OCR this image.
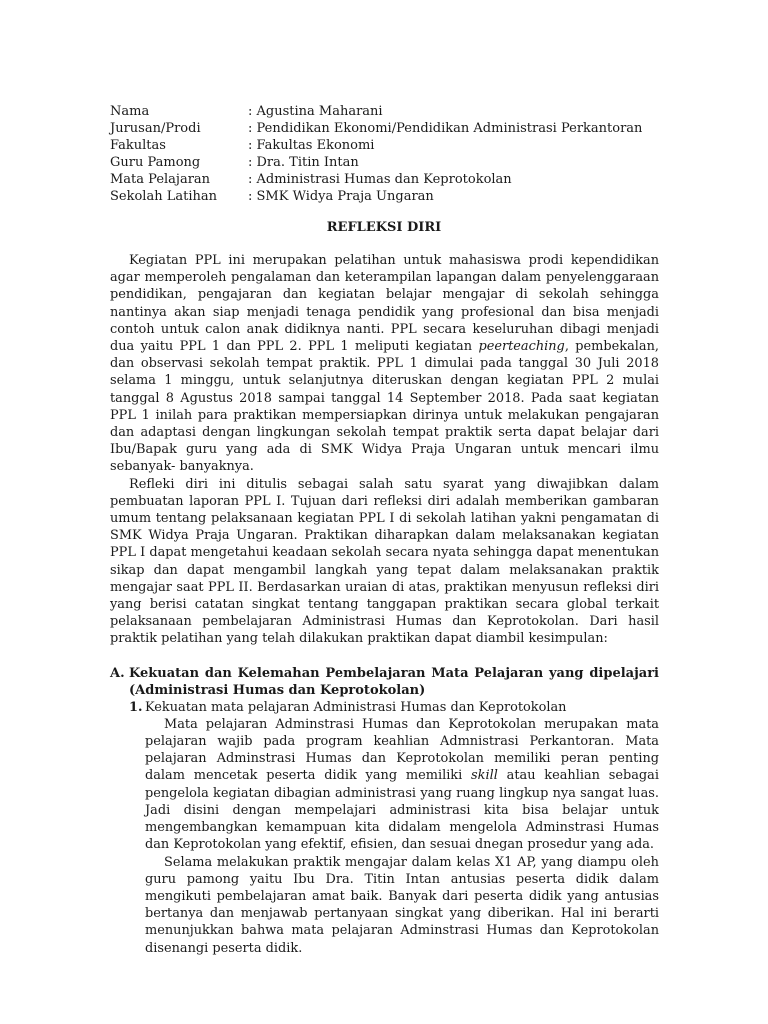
Nama	: Agustina Maharani
Jurusan/Prodi	: Pendidikan Ekonomi/Pendidikan Administrasi Perkantoran
Fakultas	: Fakultas Ekonomi
Guru Pamong	: Dra. Titin Intan
Mata Pelajaran	: Administrasi Humas dan Keprotokolan
Sekolah Latihan	: SMK Widya Praja Ungaran
REFLEKSI DIRI

Kegiatan PPL ini merupakan pelatihan untuk mahasiswa prodi kependidikan agar memperoleh pengalaman dan keterampilan lapangan dalam penyelenggaraan pendidikan, pengajaran dan kegiatan belajar mengajar di sekolah sehingga nantinya akan siap menjadi tenaga pendidik yang profesional dan bisa menjadi contoh untuk calon anak didiknya nanti. PPL secara keseluruhan dibagi menjadi dua yaitu PPL 1 dan PPL 2. PPL 1 meliputi kegiatan peerteaching, pembekalan, dan observasi sekolah tempat praktik. PPL 1 dimulai pada tanggal 30 Juli 2018 selama 1 minggu, untuk selanjutnya diteruskan dengan kegiatan PPL 2 mulai tanggal 8 Agustus 2018 sampai tanggal 14 September 2018. Pada saat kegiatan PPL 1 inilah para praktikan mempersiapkan dirinya untuk melakukan pengajaran dan adaptasi dengan lingkungan sekolah tempat praktik serta dapat belajar dari Ibu/Bapak guru yang ada di SMK Widya Praja Ungaran untuk mencari ilmu sebanyak- banyaknya.

Refleki diri ini ditulis sebagai salah satu syarat yang diwajibkan dalam pembuatan laporan PPL I. Tujuan dari refleksi diri adalah memberikan gambaran umum tentang pelaksanaan kegiatan PPL I di sekolah latihan yakni pengamatan di SMK Widya Praja Ungaran. Praktikan diharapkan dalam melaksanakan kegiatan PPL I dapat mengetahui keadaan sekolah secara nyata sehingga dapat menentukan sikap dan dapat mengambil langkah yang tepat dalam melaksanakan praktik mengajar saat PPL II. Berdasarkan uraian di atas, praktikan menyusun refleksi diri yang berisi catatan singkat tentang tanggapan praktikan secara global terkait pelaksanaan pembelajaran Administrasi Humas dan Keprotokolan. Dari hasil praktik pelatihan yang telah dilakukan praktikan dapat diambil kesimpulan:

A. Kekuatan dan Kelemahan Pembelajaran Mata Pelajaran yang dipelajari (Administrasi Humas dan Keprotokolan)
1. Kekuatan mata pelajaran Administrasi Humas dan Keprotokolan

Mata pelajaran Adminstrasi Humas dan Keprotokolan merupakan mata pelajaran wajib pada program keahlian Admnistrasi Perkantoran. Mata pelajaran Adminstrasi Humas dan Keprotokolan memiliki peran penting dalam mencetak peserta didik yang memiliki skill atau keahlian sebagai pengelola kegiatan dibagian administrasi yang ruang lingkup nya sangat luas. Jadi disini dengan mempelajari administrasi kita bisa belajar untuk mengembangkan kemampuan kita didalam mengelola Adminstrasi Humas dan Keprotokolan yang efektif, efisien, dan sesuai dnegan prosedur yang ada.

Selama melakukan praktik mengajar dalam kelas X1 AP, yang diampu oleh guru pamong yaitu Ibu Dra. Titin Intan antusias peserta didik dalam mengikuti pembelajaran amat baik. Banyak dari peserta didik yang antusias bertanya dan menjawab pertanyaan singkat yang diberikan. Hal ini berarti menunjukkan bahwa mata pelajaran Adminstrasi Humas dan Keprotokolan disenangi peserta didik.
